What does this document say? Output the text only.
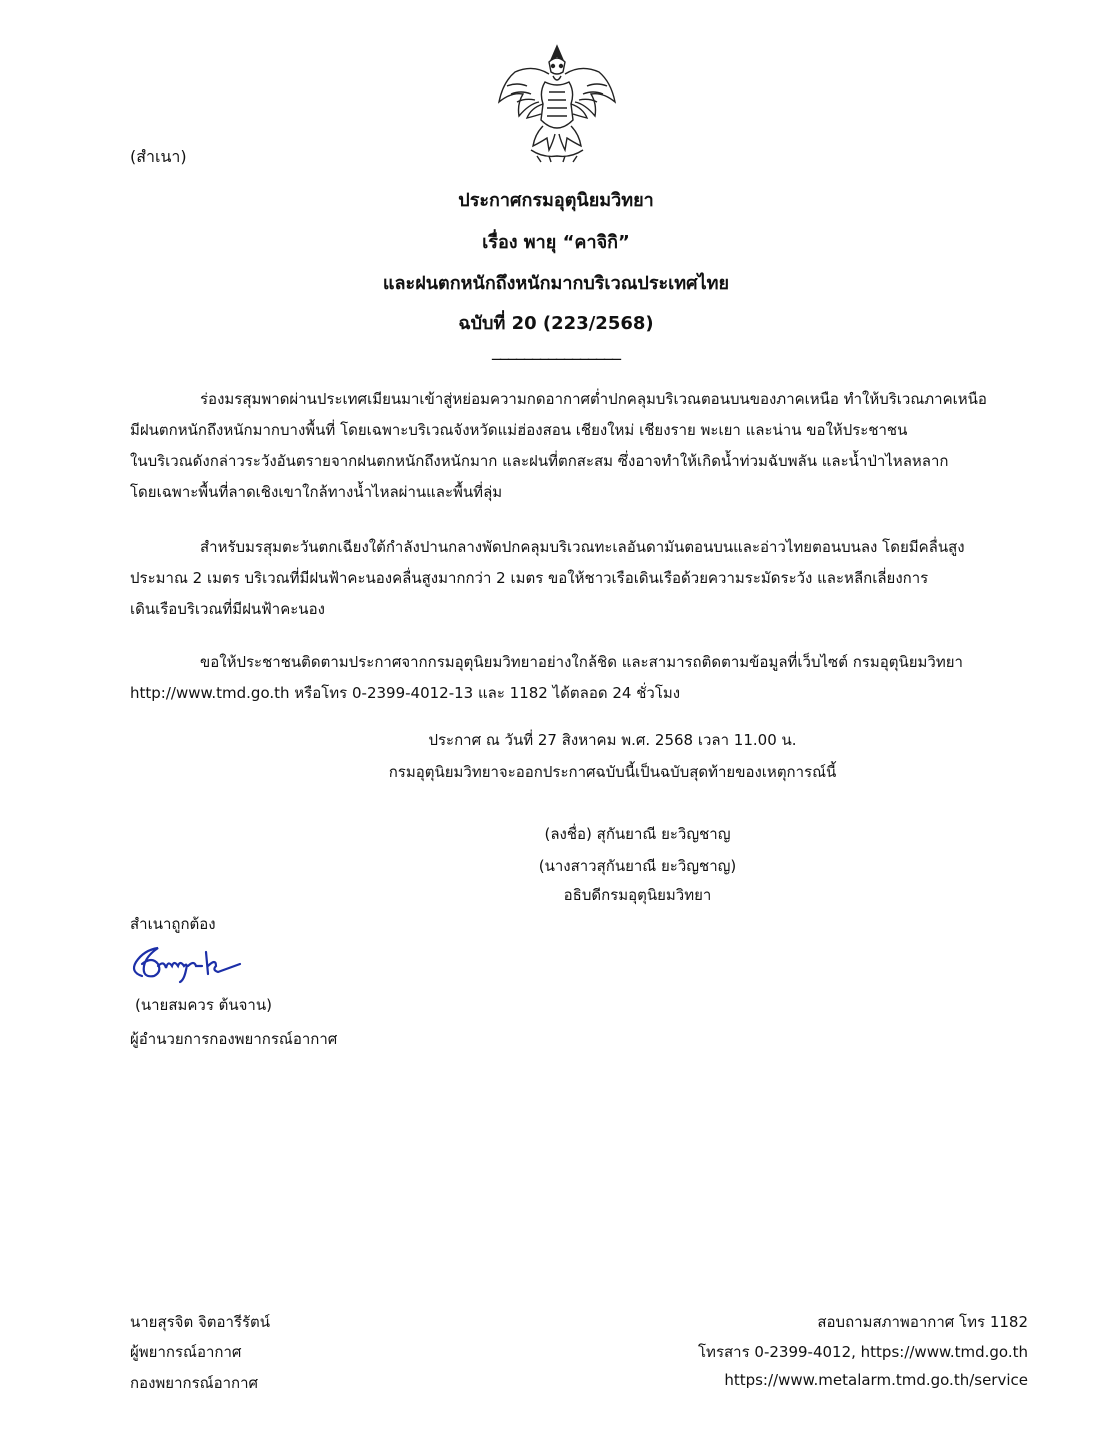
(สำเนา)
ประกาศกรมอุตุนิยมวิทยา
เรื่อง พายุ “คาจิกิ”
และฝนตกหนักถึงหนักมากบริเวณประเทศไทย
ฉบับที่ 20 (223/2568)
________________
ร่องมรสุมพาดผ่านประเทศเมียนมาเข้าสู่หย่อมความกดอากาศต่ำปกคลุมบริเวณตอนบนของภาคเหนือ ทำให้บริเวณภาคเหนือ
มีฝนตกหนักถึงหนักมากบางพื้นที่ โดยเฉพาะบริเวณจังหวัดแม่ฮ่องสอน เชียงใหม่ เชียงราย พะเยา และน่าน ขอให้ประชาชน
ในบริเวณดังกล่าวระวังอันตรายจากฝนตกหนักถึงหนักมาก และฝนที่ตกสะสม ซึ่งอาจทำให้เกิดน้ำท่วมฉับพลัน และน้ำป่าไหลหลาก
โดยเฉพาะพื้นที่ลาดเชิงเขาใกล้ทางน้ำไหลผ่านและพื้นที่ลุ่ม
สำหรับมรสุมตะวันตกเฉียงใต้กำลังปานกลางพัดปกคลุมบริเวณทะเลอันดามันตอนบนและอ่าวไทยตอนบนลง โดยมีคลื่นสูง
ประมาณ 2 เมตร บริเวณที่มีฝนฟ้าคะนองคลื่นสูงมากกว่า 2 เมตร ขอให้ชาวเรือเดินเรือด้วยความระมัดระวัง และหลีกเลี่ยงการ
เดินเรือบริเวณที่มีฝนฟ้าคะนอง
ขอให้ประชาชนติดตามประกาศจากกรมอุตุนิยมวิทยาอย่างใกล้ชิด และสามารถติดตามข้อมูลที่เว็บไซต์ กรมอุตุนิยมวิทยา
http://www.tmd.go.th หรือโทร 0-2399-4012-13 และ 1182 ได้ตลอด 24 ชั่วโมง
ประกาศ ณ วันที่ 27 สิงหาคม พ.ศ. 2568 เวลา 11.00 น.
กรมอุตุนิยมวิทยาจะออกประกาศฉบับนี้เป็นฉบับสุดท้ายของเหตุการณ์นี้
(ลงชื่อ) สุกันยาณี ยะวิญชาญ
(นางสาวสุกันยาณี ยะวิญชาญ)
อธิบดีกรมอุตุนิยมวิทยา
สำเนาถูกต้อง
(นายสมควร ต้นจาน)
ผู้อำนวยการกองพยากรณ์อากาศ
นายสุรจิต จิตอารีรัตน์
ผู้พยากรณ์อากาศ
กองพยากรณ์อากาศ
สอบถามสภาพอากาศ โทร 1182
โทรสาร 0-2399-4012, https://www.tmd.go.th
https://www.metalarm.tmd.go.th/service
